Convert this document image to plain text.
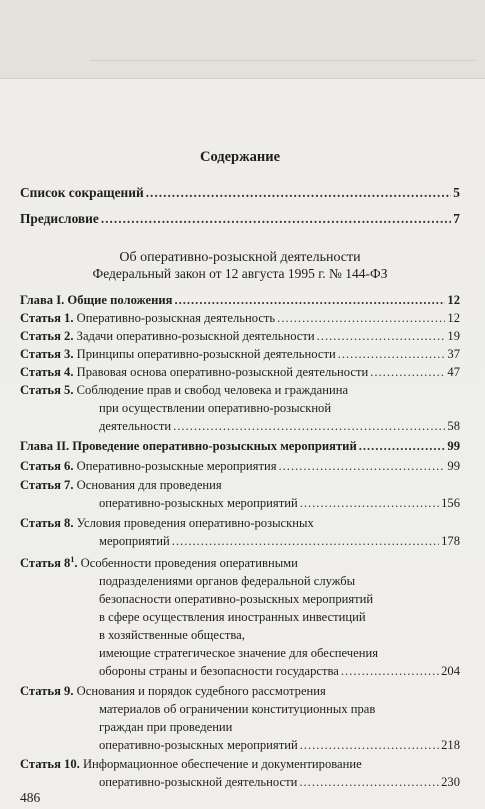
Содержание
Список сокращений .....	5
Предисловие .....	7
Об оперативно-розыскной деятельности
Федеральный закон от 12 августа 1995 г. № 144-ФЗ
Глава I. Общие положения .....	12
Статья 1. Оперативно-розыскная деятельность .....	12
Статья 2. Задачи оперативно-розыскной деятельности .....	19
Статья 3. Принципы оперативно-розыскной деятельности .....	37
Статья 4. Правовая основа оперативно-розыскной деятельности .....	47
Статья 5. Соблюдение прав и свобод человека и гражданина
при осуществлении оперативно-розыскной
деятельности .....	58
Глава II. Проведение оперативно-розыскных мероприятий .....	99
Статья 6. Оперативно-розыскные мероприятия .....	99
Статья 7. Основания для проведения
оперативно-розыскных мероприятий .....	156
Статья 8. Условия проведения оперативно-розыскных
мероприятий .....	178
Статья $8^1$. Особенности проведения оперативными
подразделениями органов федеральной службы
безопасности оперативно-розыскных мероприятий
в сфере осуществления иностранных инвестиций
в хозяйственные общества,
имеющие стратегическое значение для обеспечения
обороны страны и безопасности государства .....	204
Статья 9. Основания и порядок судебного рассмотрения
материалов об ограничении конституционных прав
граждан при проведении
оперативно-розыскных мероприятий .....	218
Статья 10. Информационное обеспечение и документирование
оперативно-розыскной деятельности .....	230
486
